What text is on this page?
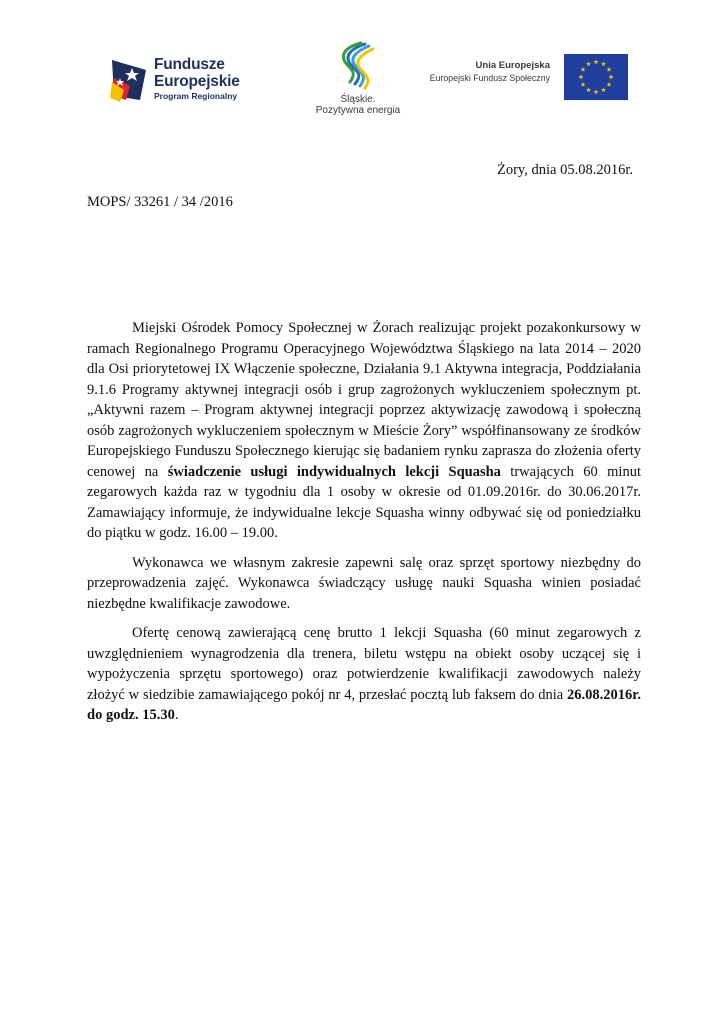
Fundusze
Europejskie
Program Regionalny	Śląskie.
Pozytywna energia
Unia Europejska
Europejski Fundusz Społeczny
Żory, dnia 05.08.2016r.
MOPS/ 33261 / 34 /2016

Miejski Ośrodek Pomocy Społecznej w Żorach realizując projekt pozakonkursowy w ramach Regionalnego Programu Operacyjnego Województwa Śląskiego na lata 2014 – 2020 dla Osi priorytetowej IX Włączenie społeczne, Działania 9.1 Aktywna integracja, Poddziałania 9.1.6 Programy aktywnej integracji osób i grup zagrożonych wykluczeniem społecznym pt. „Aktywni razem – Program aktywnej integracji poprzez aktywizację zawodową i społeczną osób zagrożonych wykluczeniem społecznym w Mieście Żory” współfinansowany ze środków Europejskiego Funduszu Społecznego kierując się badaniem rynku zaprasza do złożenia oferty cenowej na świadczenie usługi indywidualnych lekcji Squasha trwających 60 minut zegarowych każda raz w tygodniu dla 1 osoby w okresie od 01.09.2016r. do 30.06.2017r. Zamawiający informuje, że indywidualne lekcje Squasha winny odbywać się od poniedziałku do piątku w godz. 16.00 – 19.00.

Wykonawca we własnym zakresie zapewni salę oraz sprzęt sportowy niezbędny do przeprowadzenia zajęć. Wykonawca świadczący usługę nauki Squasha winien posiadać niezbędne kwalifikacje zawodowe.

Ofertę cenową zawierającą cenę brutto 1 lekcji Squasha (60 minut zegarowych z uwzględnieniem wynagrodzenia dla trenera, biletu wstępu na obiekt osoby uczącej się i wypożyczenia sprzętu sportowego) oraz potwierdzenie kwalifikacji zawodowych należy złożyć w siedzibie zamawiającego pokój nr 4, przesłać pocztą lub faksem do dnia 26.08.2016r. do godz. 15.30.
